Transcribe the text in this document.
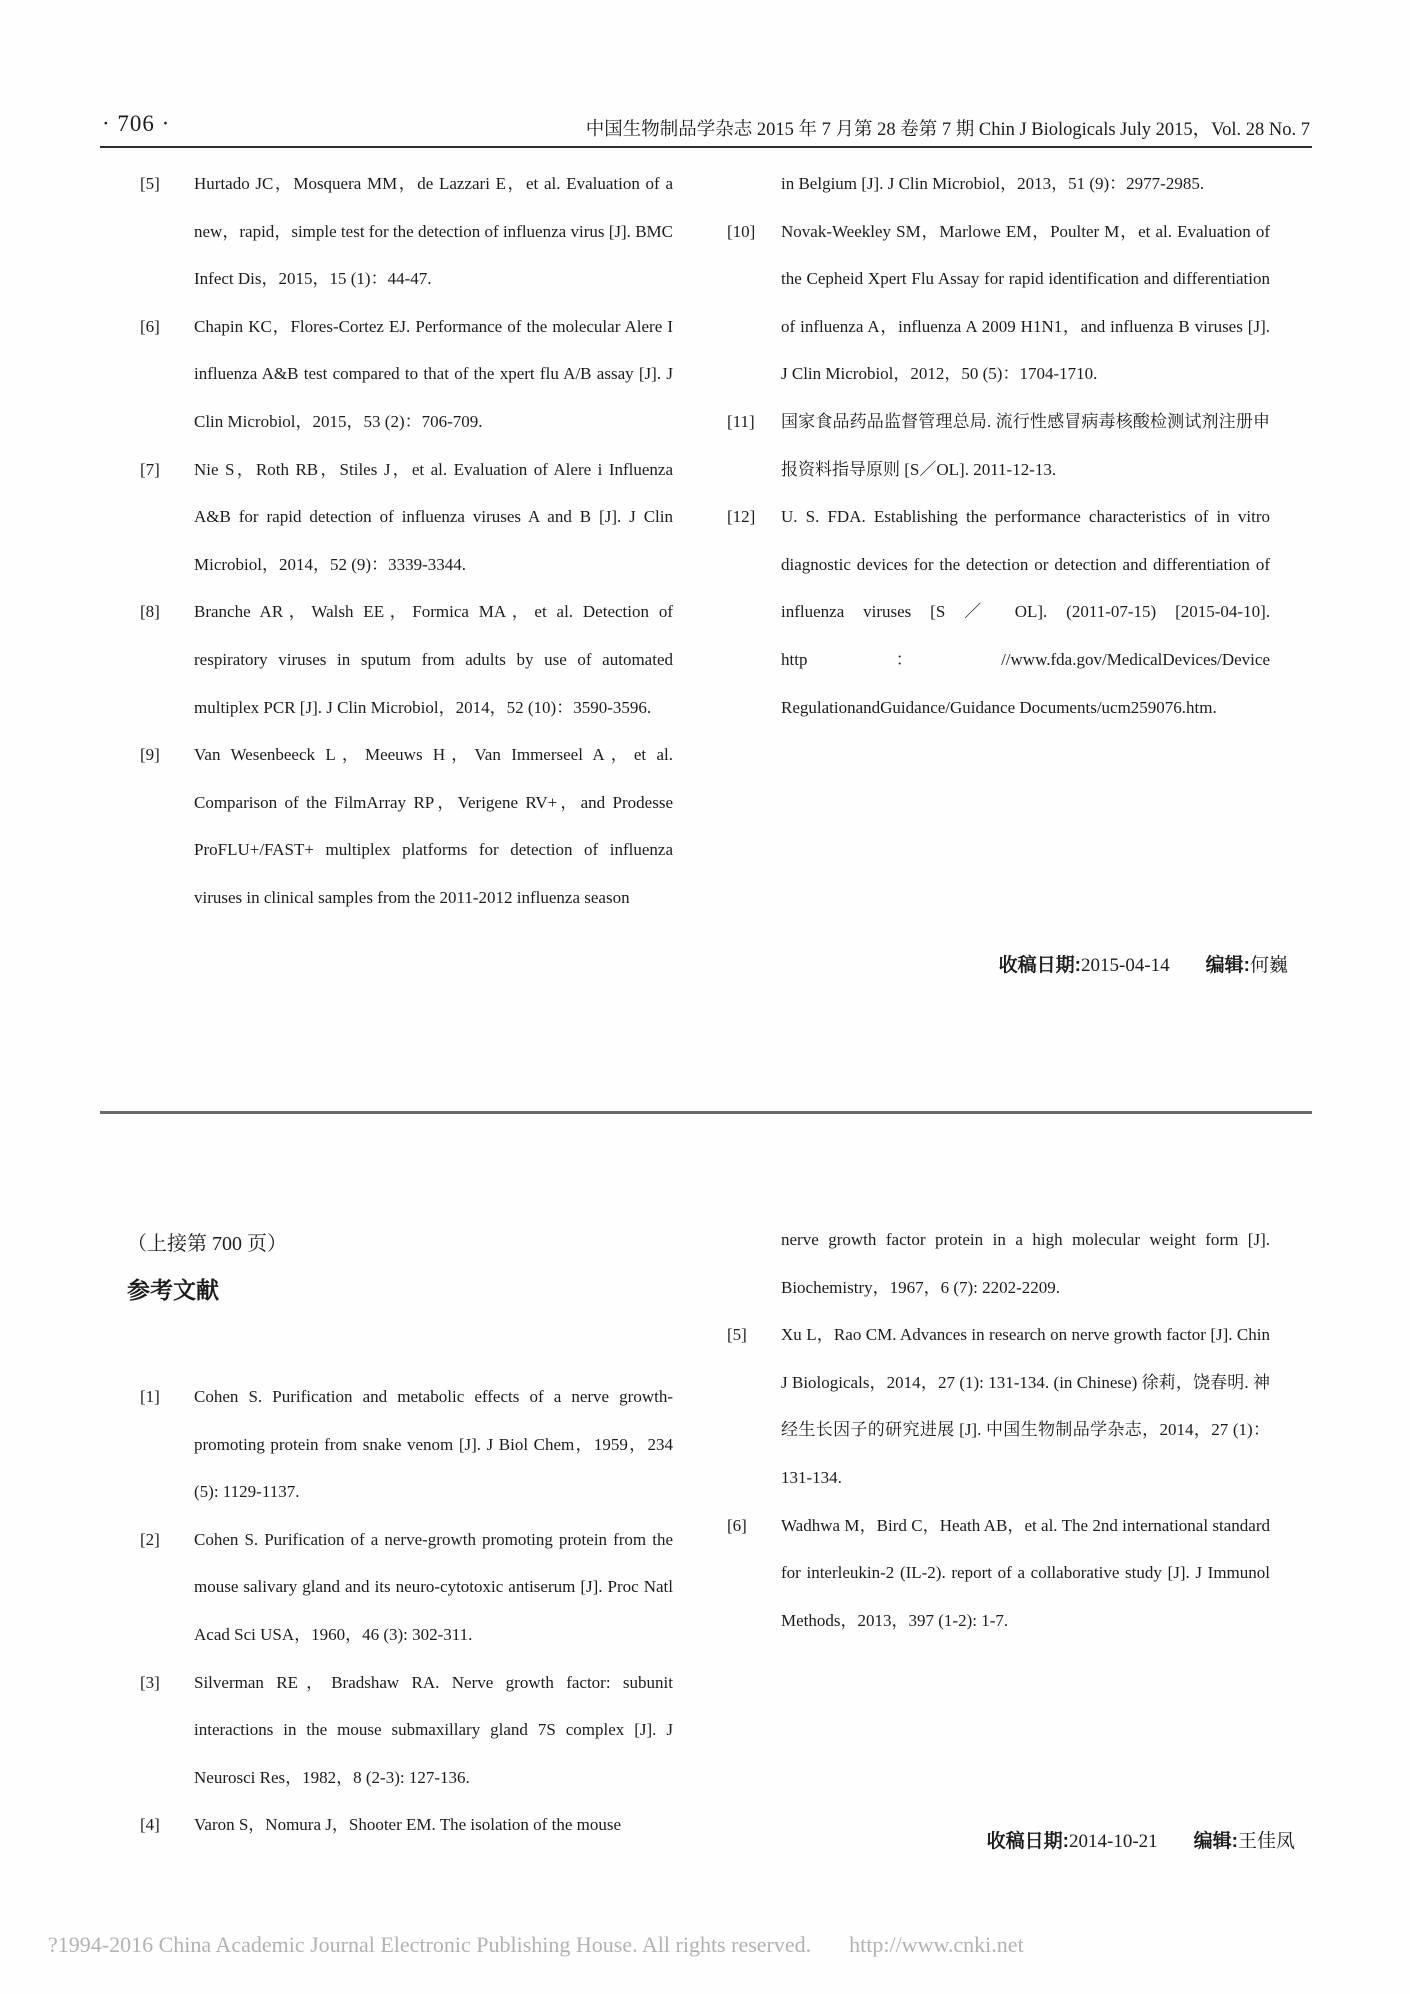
· 706 ·	中国生物制品学杂志 2015 年 7 月第 28 卷第 7 期 Chin J Biologicals July 2015，Vol. 28 No. 7
[5] Hurtado JC，Mosquera MM，de Lazzari E，et al. Evaluation of a new，rapid，simple test for the detection of influenza virus [J]. BMC Infect Dis，2015，15 (1)：44-47.
[6] Chapin KC，Flores-Cortez EJ. Performance of the molecular Alere I influenza A&B test compared to that of the xpert flu A/B assay [J]. J Clin Microbiol，2015，53 (2)：706-709.
[7] Nie S，Roth RB，Stiles J，et al. Evaluation of Alere i Influenza A&B for rapid detection of influenza viruses A and B [J]. J Clin Microbiol，2014，52 (9)：3339-3344.
[8] Branche AR，Walsh EE，Formica MA，et al. Detection of respiratory viruses in sputum from adults by use of automated multiplex PCR [J]. J Clin Microbiol，2014，52 (10)：3590-3596.
[9] Van Wesenbeeck L，Meeuws H，Van Immerseel A，et al. Comparison of the FilmArray RP，Verigene RV+，and Prodesse ProFLU+/FAST+ multiplex platforms for detection of influenza viruses in clinical samples from the 2011-2012 influenza season
in Belgium [J]. J Clin Microbiol，2013，51 (9)：2977-2985.
[10] Novak-Weekley SM，Marlowe EM，Poulter M，et al. Evaluation of the Cepheid Xpert Flu Assay for rapid identification and differentiation of influenza A，influenza A 2009 H1N1，and influenza B viruses [J]. J Clin Microbiol，2012，50 (5)：1704-1710.
[11] 国家食品药品监督管理总局. 流行性感冒病毒核酸检测试剂注册申报资料指导原则 [S／OL]. 2011-12-13.
[12] U. S. FDA. Establishing the performance characteristics of in vitro diagnostic devices for the detection or detection and differentiation of influenza viruses [S ／ OL]. (2011-07-15) [2015-04-10]. http：//www.fda.gov/MedicalDevices/Device RegulationandGuidance/Guidance Documents/ucm259076.htm.
收稿日期:2015-04-14 编辑:何巍
（上接第 700 页）
参考文献
[1] Cohen S. Purification and metabolic effects of a nerve growth-promoting protein from snake venom [J]. J Biol Chem，1959，234 (5): 1129-1137.
[2] Cohen S. Purification of a nerve-growth promoting protein from the mouse salivary gland and its neuro-cytotoxic antiserum [J]. Proc Natl Acad Sci USA，1960，46 (3): 302-311.
[3] Silverman RE，Bradshaw RA. Nerve growth factor: subunit interactions in the mouse submaxillary gland 7S complex [J]. J Neurosci Res，1982，8 (2-3): 127-136.
[4] Varon S，Nomura J，Shooter EM. The isolation of the mouse
nerve growth factor protein in a high molecular weight form [J]. Biochemistry，1967，6 (7): 2202-2209.
[5] Xu L，Rao CM. Advances in research on nerve growth factor [J]. Chin J Biologicals，2014，27 (1): 131-134. (in Chinese) 徐莉，饶春明. 神经生长因子的研究进展 [J]. 中国生物制品学杂志，2014，27 (1)：131-134.
[6] Wadhwa M，Bird C，Heath AB，et al. The 2nd international standard for interleukin-2 (IL-2). report of a collaborative study [J]. J Immunol Methods，2013，397 (1-2): 1-7.
收稿日期:2014-10-21 编辑:王佳凤
?1994-2016 China Academic Journal Electronic Publishing House. All rights reserved. http://www.cnki.net
